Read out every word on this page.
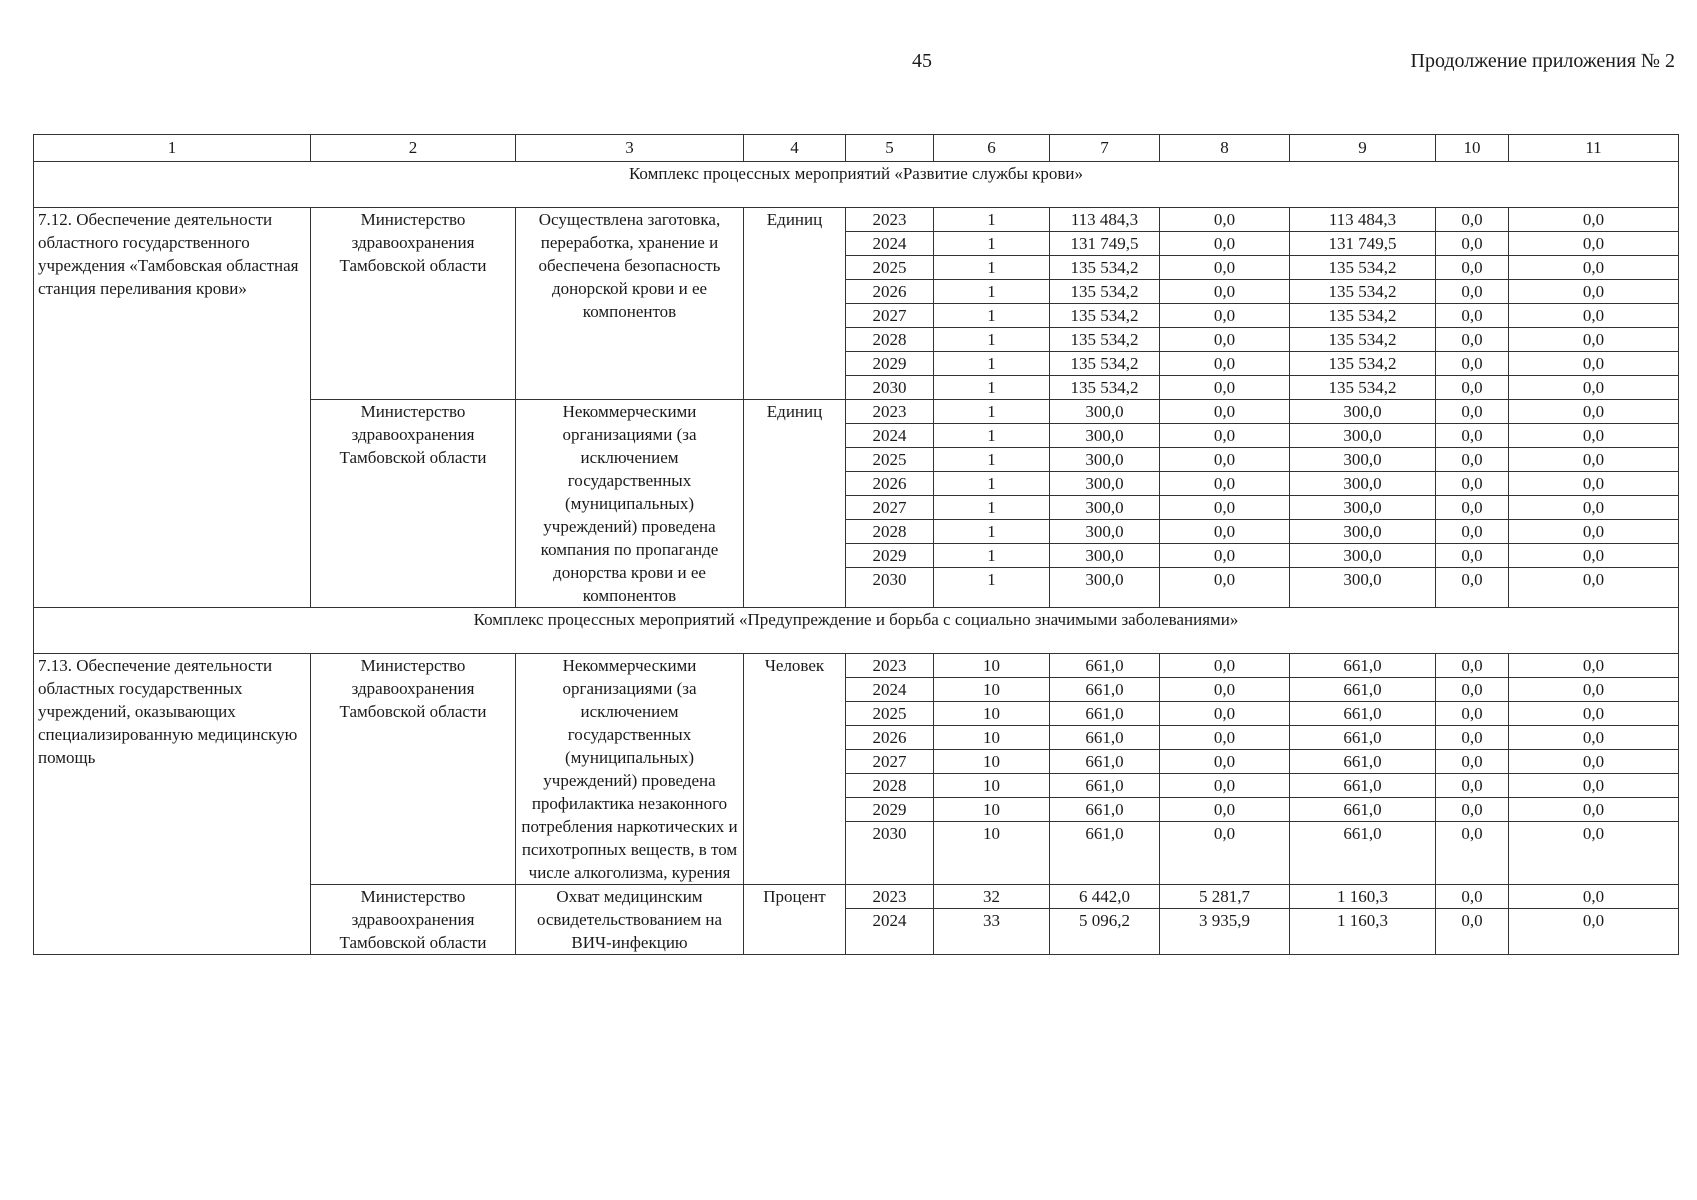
45	Продолжение приложения № 2
1	2	3	4	5	6	7	8	9	10	11
Комплекс процессных мероприятий «Развитие службы крови»										
7.12. Обеспечение деятельности областного государственного учреждения «Тамбовская областная станция переливания крови»	Министерство здравоохранения Тамбовской области	Осуществлена заготовка, переработка, хранение и обеспечена безопасность донорской крови и ее компонентов	Единиц	2023	1	113 484,3	0,0	113 484,3	0,0	0,0
				2024	1	131 749,5	0,0	131 749,5	0,0	0,0
				2025	1	135 534,2	0,0	135 534,2	0,0	0,0
				2026	1	135 534,2	0,0	135 534,2	0,0	0,0
				2027	1	135 534,2	0,0	135 534,2	0,0	0,0
				2028	1	135 534,2	0,0	135 534,2	0,0	0,0
				2029	1	135 534,2	0,0	135 534,2	0,0	0,0
				2030	1	135 534,2	0,0	135 534,2	0,0	0,0

	Министерство здравоохранения Тамбовской области	Некоммерческими организациями (за исключением государственных (муниципальных) учреждений) проведена компания по пропаганде донорства крови и ее компонентов	Единиц	2023	1	300,0	0,0	300,0	0,0	0,0
				2024	1	300,0	0,0	300,0	0,0	0,0
				2025	1	300,0	0,0	300,0	0,0	0,0
				2026	1	300,0	0,0	300,0	0,0	0,0
				2027	1	300,0	0,0	300,0	0,0	0,0
				2028	1	300,0	0,0	300,0	0,0	0,0
				2029	1	300,0	0,0	300,0	0,0	0,0
				2030	1	300,0	0,0	300,0	0,0	0,0

Комплекс процессных мероприятий «Предупреждение и борьба с социально значимыми заболеваниями»										
7.13. Обеспечение деятельности областных государственных учреждений, оказывающих специализированную медицинскую помощь	Министерство здравоохранения Тамбовской области	Некоммерческими организациями (за исключением государственных (муниципальных) учреждений) проведена профилактика незаконного потребления наркотических и психотропных веществ, в том числе алкоголизма, курения	Человек	2023	10	661,0	0,0	661,0	0,0	0,0
				2024	10	661,0	0,0	661,0	0,0	0,0
				2025	10	661,0	0,0	661,0	0,0	0,0
				2026	10	661,0	0,0	661,0	0,0	0,0
				2027	10	661,0	0,0	661,0	0,0	0,0
				2028	10	661,0	0,0	661,0	0,0	0,0
				2029	10	661,0	0,0	661,0	0,0	0,0
				2030	10	661,0	0,0	661,0	0,0	0,0

	Министерство здравоохранения Тамбовской области	Охват медицинским освидетельствованием на ВИЧ-инфекцию	Процент	2023	32	6 442,0	5 281,7	1 160,3	0,0	0,0
				2024	33	5 096,2	3 935,9	1 160,3	0,0	0,0
